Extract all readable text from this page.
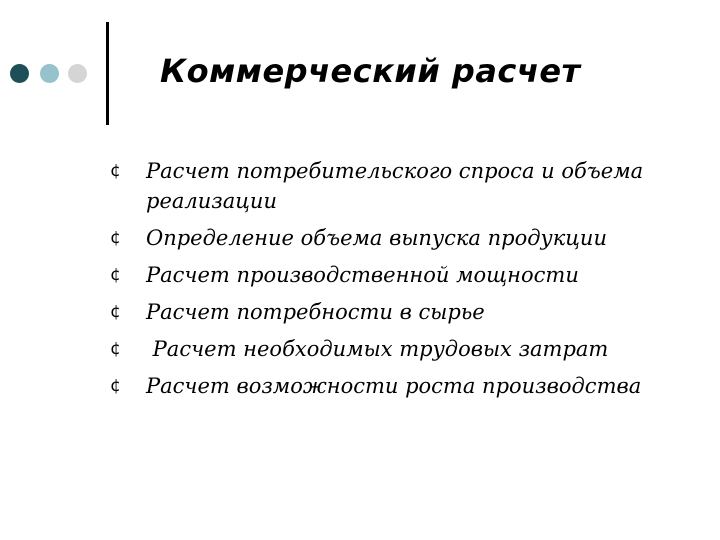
Коммерческий расчет
¢	Расчет потребительского спроса и объема реализации
¢	Определение объема выпуска продукции
¢	Расчет производственной мощности
¢	Расчет потребности в сырье
¢	Расчет необходимых трудовых затрат
¢	Расчет возможности роста производства
